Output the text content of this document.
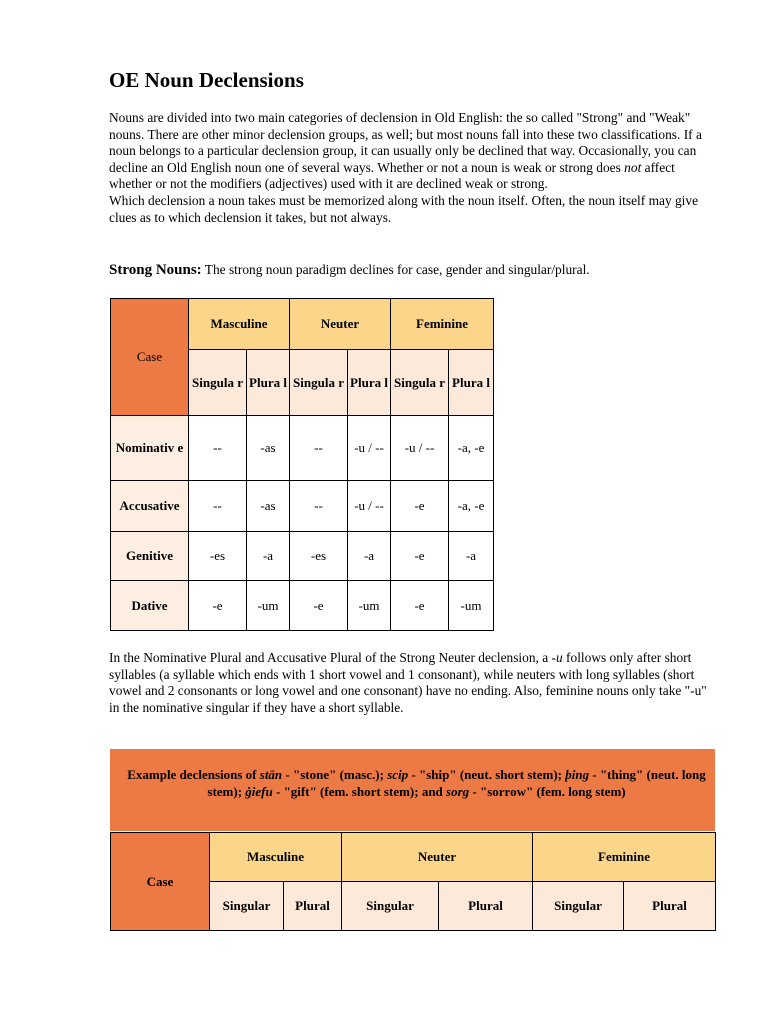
OE Noun Declensions

Nouns are divided into two main categories of declension in Old English: the so called "Strong" and "Weak" nouns. There are other minor declension groups, as well; but most nouns fall into these two classifications. If a noun belongs to a particular declension group, it can usually only be declined that way. Occasionally, you can decline an Old English noun one of several ways. Whether or not a noun is weak or strong does not affect whether or not the modifiers (adjectives) used with it are declined weak or strong.

Which declension a noun takes must be memorized along with the noun itself. Often, the noun itself may give clues as to which declension it takes, but not always.

Strong Nouns: The strong noun paradigm declines for case, gender and singular/plural.
Case	Masculine		Neuter		Feminine	
	Singula r	Plura l	Singula r	Plura l	Singula r	Plura l
Nominativ e	--	-as	--	-u / --	-u / --	-a, -e
Accusative	--	-as	--	-u / --	-e	-a, -e
Genitive	-es	-a	-es	-a	-e	-a
Dative	-e	-um	-e	-um	-e	-um

In the Nominative Plural and Accusative Plural of the Strong Neuter declension, a -u follows only after short syllables (a syllable which ends with 1 short vowel and 1 consonant), while neuters with long syllables (short vowel and 2 consonants or long vowel and one consonant) have no ending. Also, feminine nouns only take "-u" in the nominative singular if they have a short syllable.

Example declensions of stān - "stone" (masc.); scip - "ship" (neut. short stem); þing - "thing" (neut. long stem); ġiefu - "gift" (fem. short stem); and sorg - "sorrow" (fem. long stem)

Case	Masculine		Neuter		Feminine	
	Singular	Plural	Singular	Plural	Singular	Plural
